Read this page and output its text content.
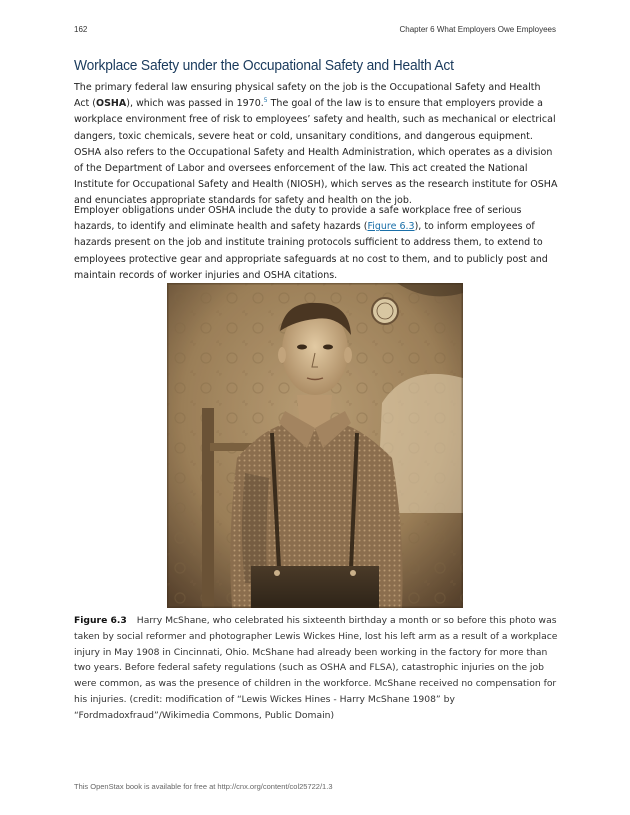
162	Chapter 6 What Employers Owe Employees
Workplace Safety under the Occupational Safety and Health Act

The primary federal law ensuring physical safety on the job is the Occupational Safety and Health Act (OSHA), which was passed in 1970.$^5$ The goal of the law is to ensure that employers provide a workplace environment free of risk to employees’ safety and health, such as mechanical or electrical dangers, toxic chemicals, severe heat or cold, unsanitary conditions, and dangerous equipment. OSHA also refers to the Occupational Safety and Health Administration, which operates as a division of the Department of Labor and oversees enforcement of the law. This act created the National Institute for Occupational Safety and Health (NIOSH), which serves as the research institute for OSHA and enunciates appropriate standards for safety and health on the job.

Employer obligations under OSHA include the duty to provide a safe workplace free of serious hazards, to identify and eliminate health and safety hazards (Figure 6.3), to inform employees of hazards present on the job and institute training protocols sufficient to address them, to extend to employees protective gear and appropriate safeguards at no cost to them, and to publicly post and maintain records of worker injuries and OSHA citations.

Figure 6.3 Harry McShane, who celebrated his sixteenth birthday a month or so before this photo was taken by social reformer and photographer Lewis Wickes Hine, lost his left arm as a result of a workplace injury in May 1908 in Cincinnati, Ohio. McShane had already been working in the factory for more than two years. Before federal safety regulations (such as OSHA and FLSA), catastrophic injuries on the job were common, as was the presence of children in the workforce. McShane received no compensation for his injuries. (credit: modification of “Lewis Wickes Hines - Harry McShane 1908” by “Fordmadoxfraud”/Wikimedia Commons, Public Domain)

This OpenStax book is available for free at http://cnx.org/content/col25722/1.3
